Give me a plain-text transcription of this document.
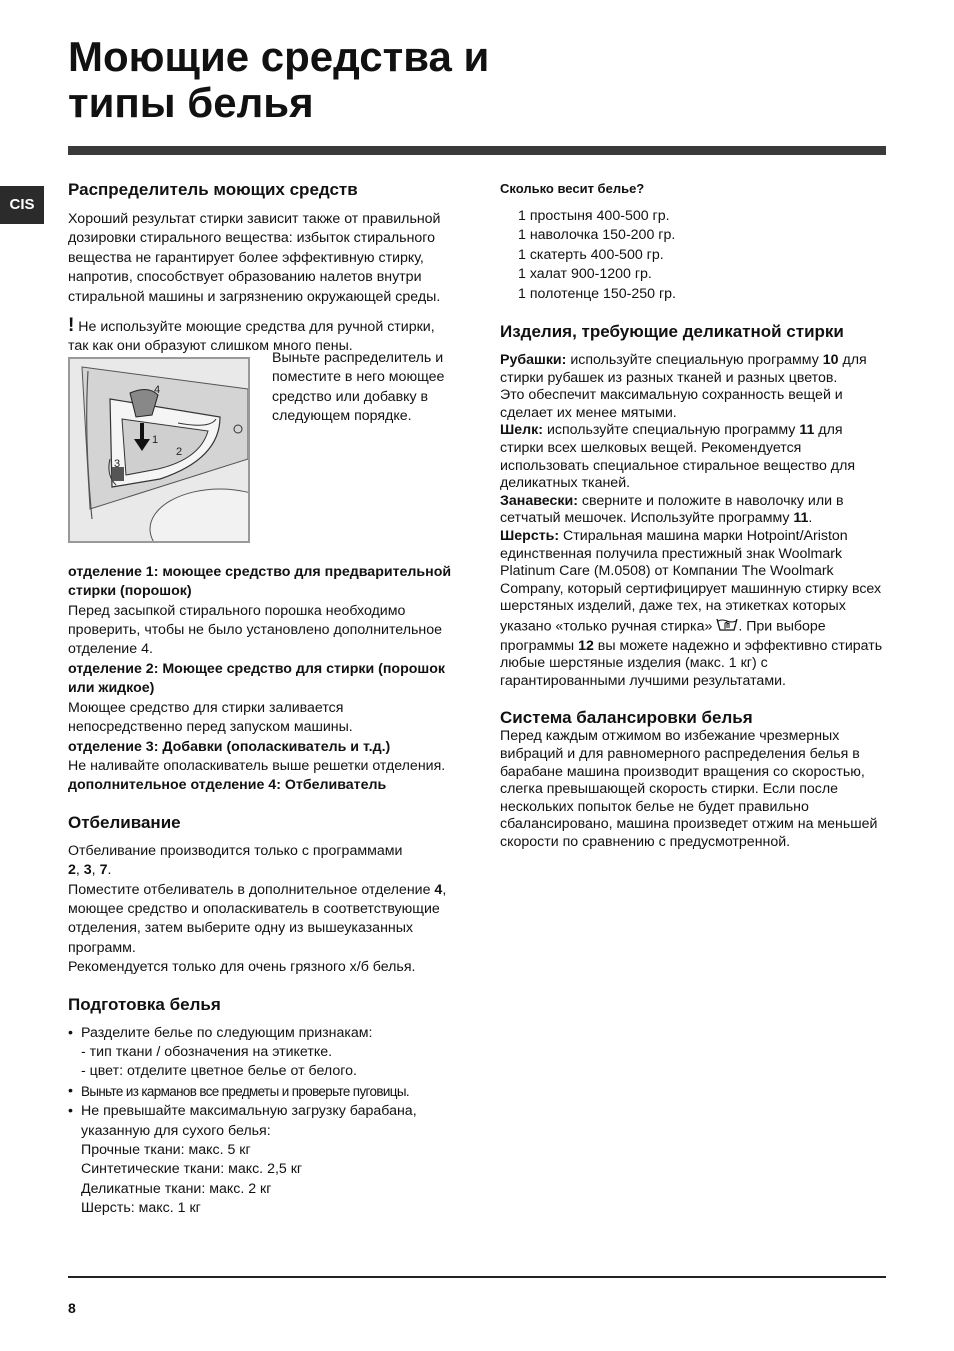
Моющие средства и
типы белья
CIS
Распределитель моющих средств

Хороший результат стирки зависит также от правильной дозировки стирального вещества: избыток стирального вещества не гарантирует более эффективную стирку, напротив, способствует образованию налетов внутри стиральной машины и загрязнению окружающей среды.

! Не используйте моющие средства для ручной стирки, так как они образуют слишком много пены.

4
1
2
3

Выньте распределитель и поместите в него моющее средство или добавку в следующем порядке.

отделение 1: моющее средство для предварительной стирки (порошок)

Перед засыпкой стирального порошка необходимо проверить, чтобы не было установлено дополнительное отделение 4.

отделение 2: Моющее средство для стирки (порошок или жидкое)

Моющее средство для стирки заливается непосредственно перед запуском машины.

отделение 3: Добавки (ополаскиватель и т.д.)

Не наливайте ополаскиватель выше решетки отделения.

дополнительное отделение 4: Отбеливатель

Отбеливание

Отбеливание производится только с программами
2, 3, 7.

Поместите отбеливатель в дополнительное отделение 4, моющее средство и ополаскиватель в соответствующие отделения, затем выберите одну из вышеуказанных программ.

Рекомендуется только для очень грязного х/б белья.

Подготовка белья
• Разделите белье по следующим признакам:
- тип ткани / обозначения на этикетке.
- цвет: отделите цветное белье от белого.
• Выньте из карманов все предметы и проверьте пуговицы.
• Не превышайте максимальную загрузку барабана, указанную для сухого белья:
Прочные ткани: макс. 5 кг
Синтетические ткани: макс. 2,5 кг
Деликатные ткани: макс. 2 кг
Шерсть: макс. 1 кг
Сколько весит белье?

1 простыня 400-500 гр.

1 наволочка 150-200 гр.

1 скатерть 400-500 гр.

1 халат 900-1200 гр.

1 полотенце 150-250 гр.

Изделия, требующие деликатной стирки

Рубашки: используйте специальную программу 10 для стирки рубашек из разных тканей и разных цветов.

Это обеспечит максимальную сохранность вещей и сделает их менее мятыми.

Шелк: используйте специальную программу 11 для стирки всех шелковых вещей. Рекомендуется использовать специальное стиральное вещество для деликатных тканей.

Занавески: сверните и положите в наволочку или в сетчатый мешочек. Используйте программу 11.

Шерсть: Стиральная машина марки Hotpoint/Ariston единственная получила престижный знак Woolmark Platinum Care (M.0508) от Компании The Woolmark Company, который сертифицирует машинную стирку всех шерстяных изделий, даже тех, на этикетках которых указано «только ручная стирка» . При выборе программы 12 вы можете надежно и эффективно стирать любые шерстяные изделия (макс. 1 кг) с гарантированными лучшими результатами.

Система балансировки белья

Перед каждым отжимом во избежание чрезмерных вибраций и для равномерного распределения белья в барабане машина производит вращения со скоростью, слегка превышающей скорость стирки. Если после нескольких попыток белье не будет правильно сбалансировано, машина произведет отжим на меньшей скорости по сравнению с предусмотренной.

8
